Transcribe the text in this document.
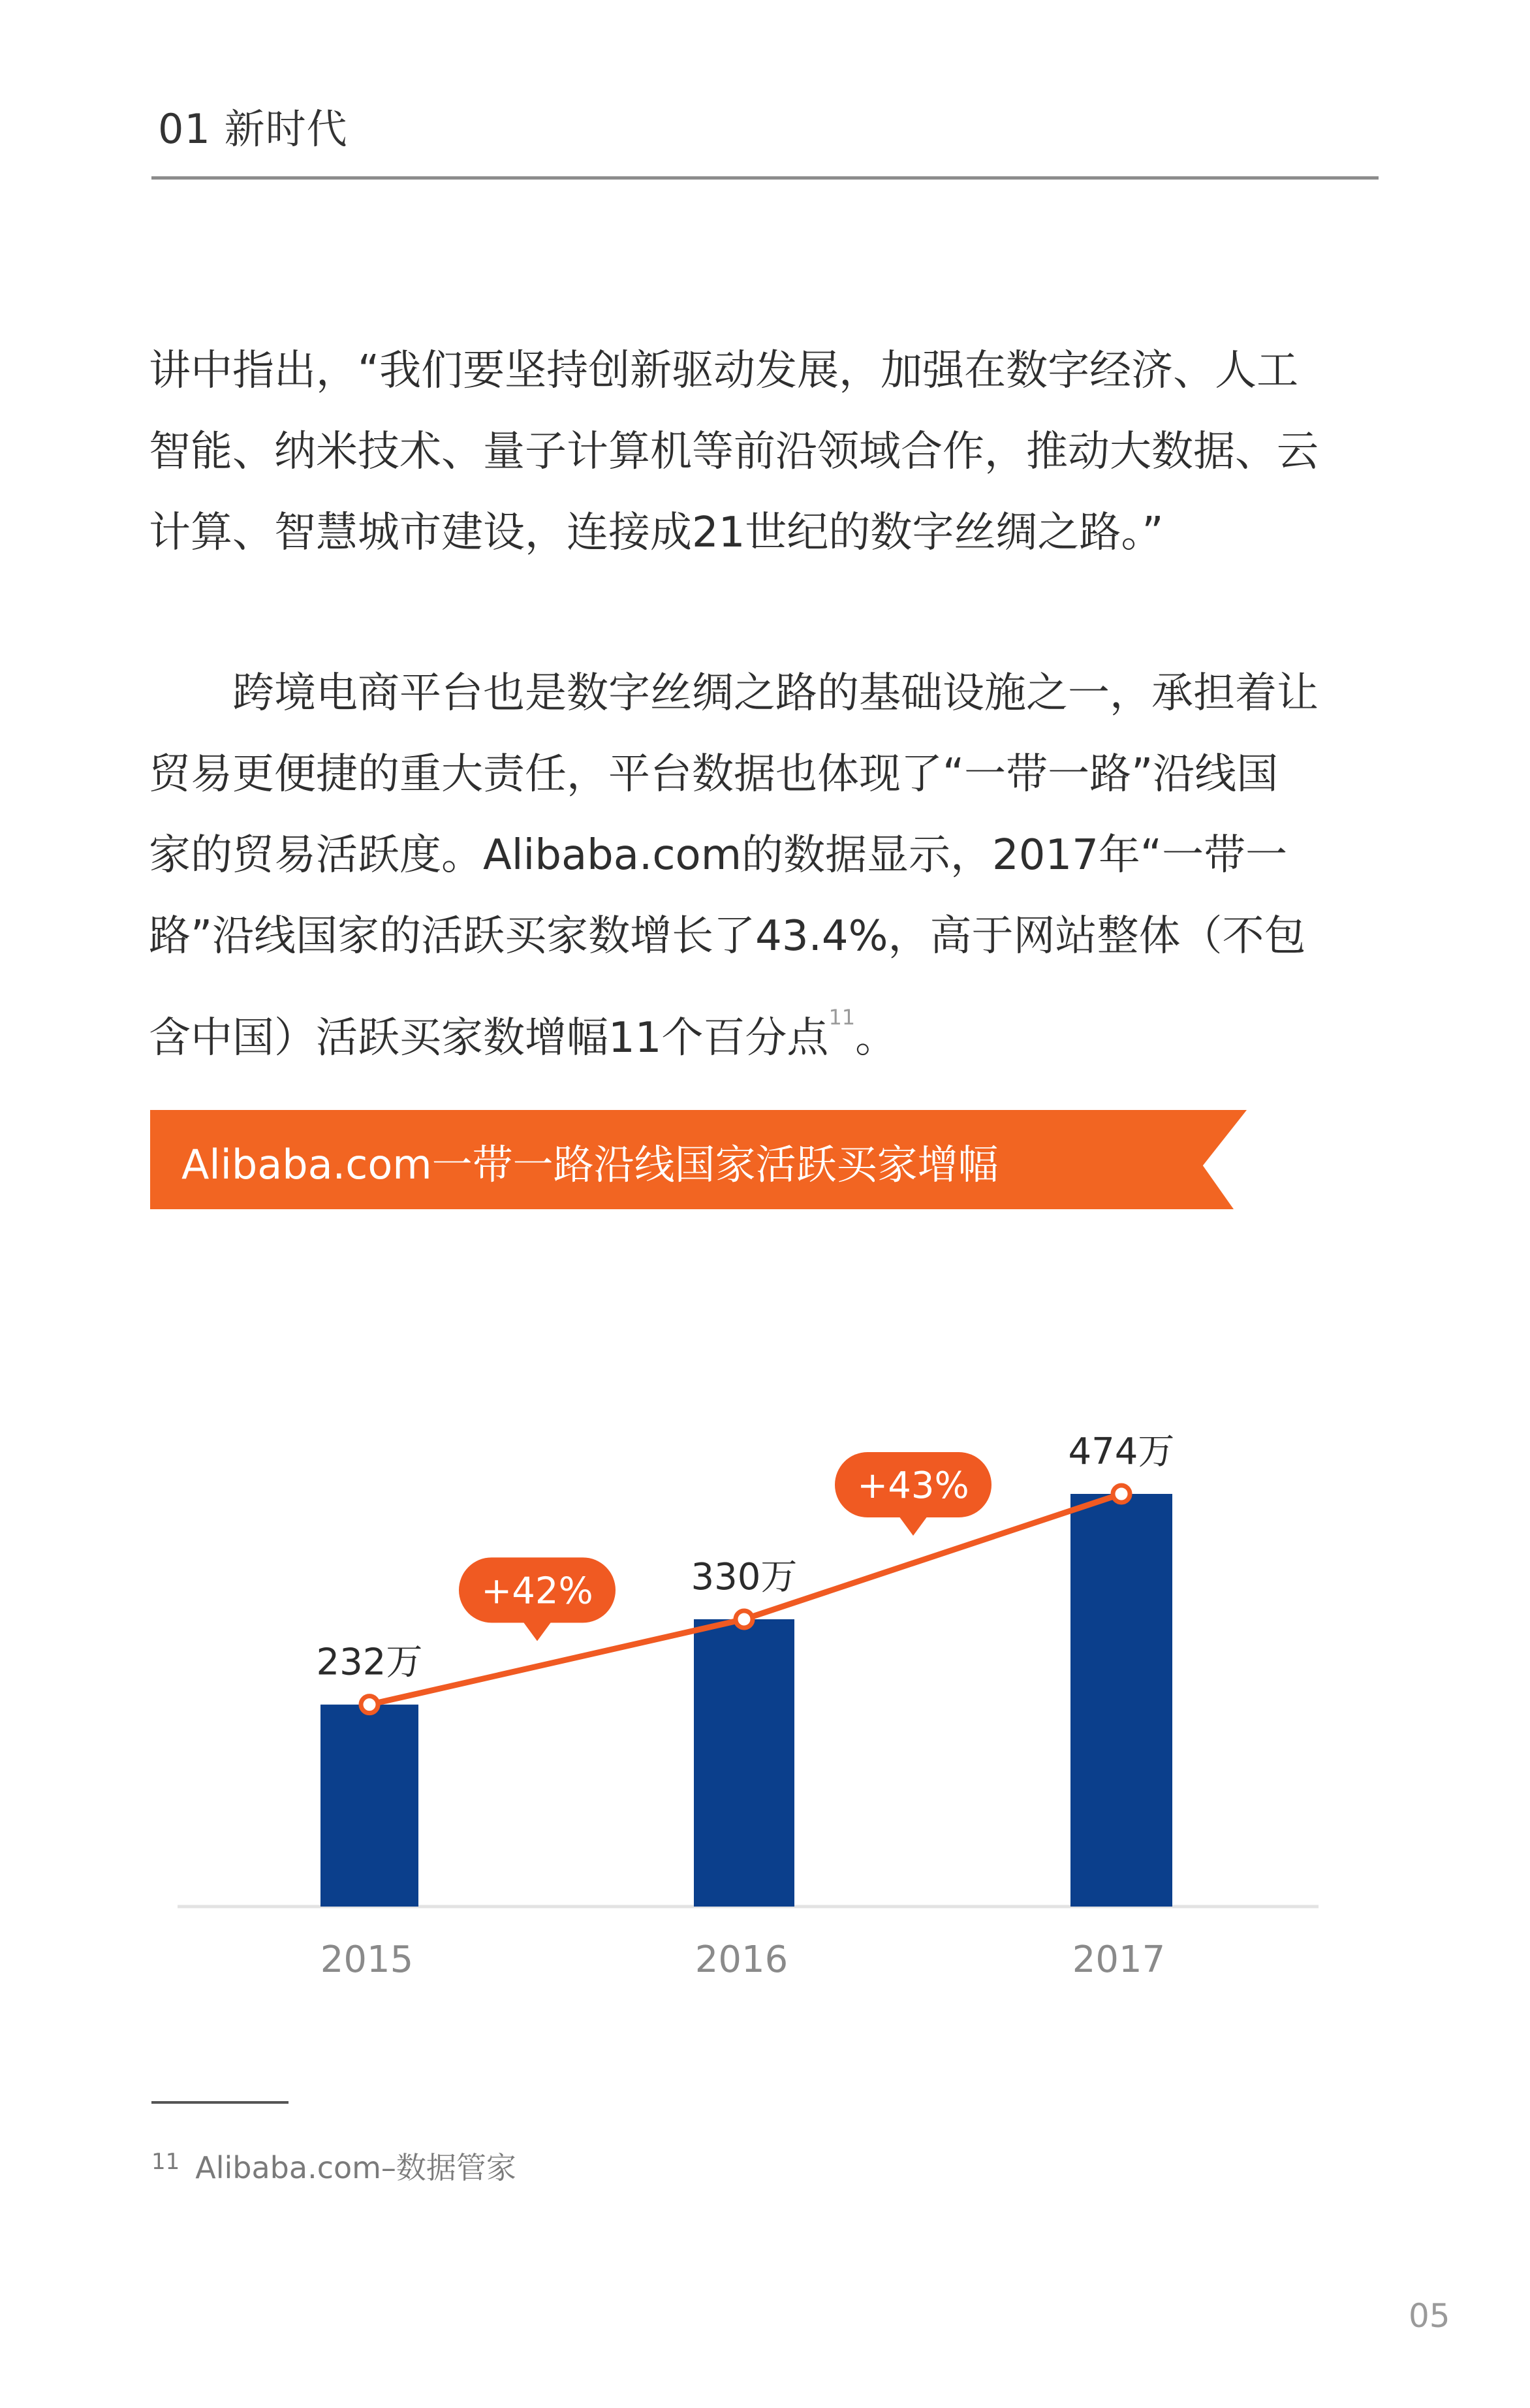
01 新时代
讲中指出，“我们要坚持创新驱动发展，加强在数字经济、人工
智能、纳米技术、量子计算机等前沿领域合作，推动大数据、云
计算、智慧城市建设，连接成21世纪的数字丝绸之路。”
　　跨境电商平台也是数字丝绸之路的基础设施之一，承担着让
贸易更便捷的重大责任，平台数据也体现了“一带一路”沿线国
家的贸易活跃度。Alibaba.com的数据显示，2017年“一带一
路”沿线国家的活跃买家数增长了43.4%，高于网站整体（不包
含中国）活跃买家数增幅11个百分点$^{11}$。
Alibaba.com一带一路沿线国家活跃买家增幅
232万
2015
330万
2016
474万
2017
+42%
+43%
$^{11}$ Alibaba.com–数据管家
05
